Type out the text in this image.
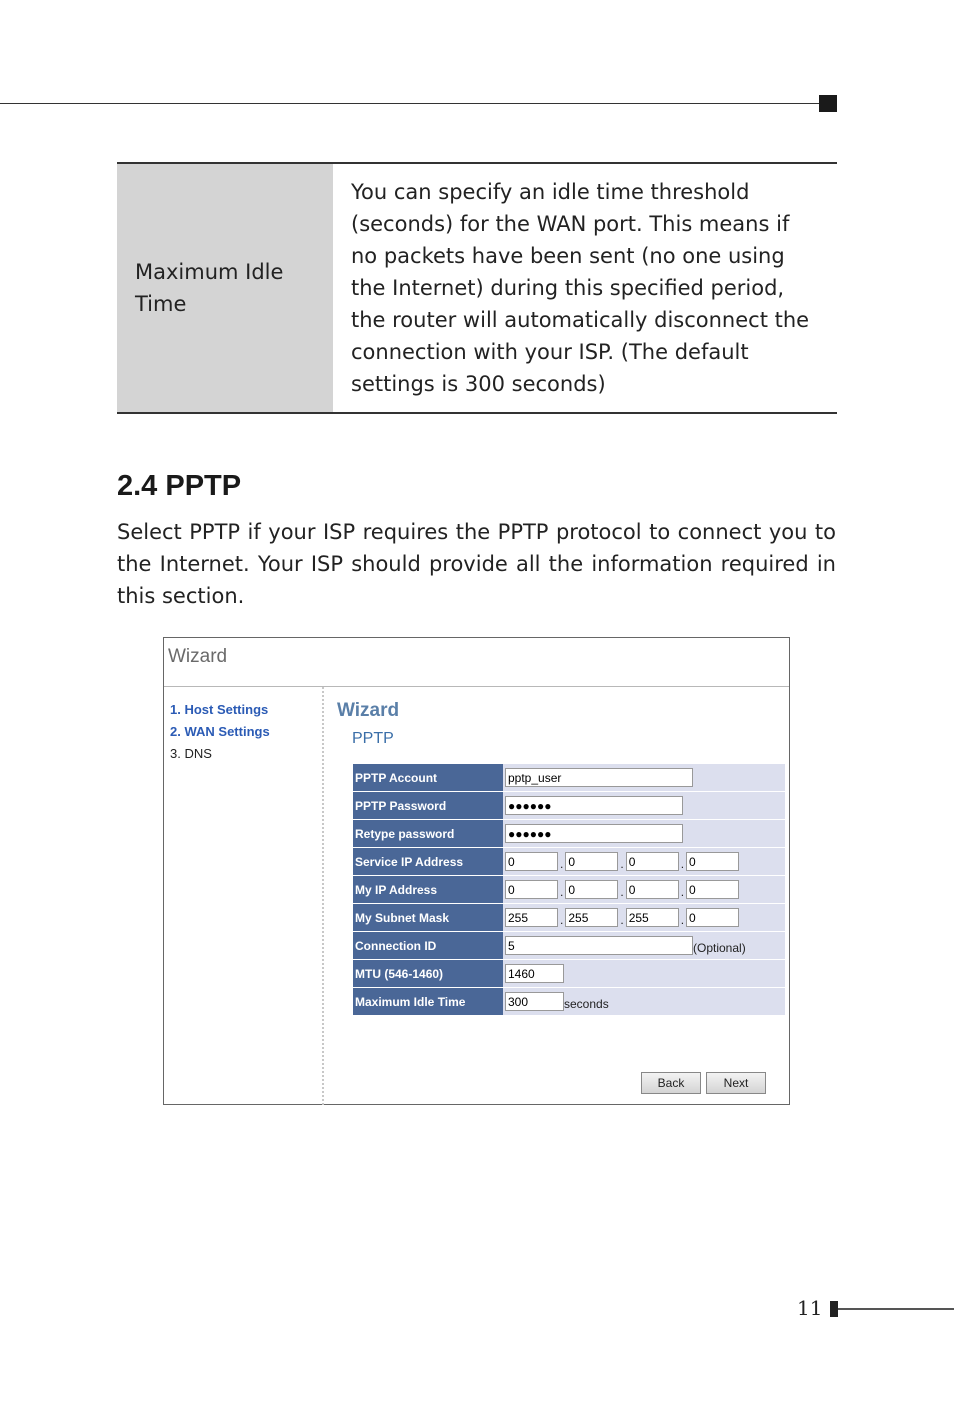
Maximum Idle Time	You can specify an idle time threshold (seconds) for the WAN port. This means if no packets have been sent (no one using the Internet) during this specified period, the router will automatically disconnect the connection with your ISP. (The default settings is 300 seconds)
2.4 PPTP

Select PPTP if your ISP requires the PPTP protocol to connect you to the Internet. Your ISP should provide all the information required in this section.

Wizard
1. Host Settings
2. WAN Settings
3. DNS
Wizard
PPTP
PPTP Account	pptp_user
PPTP Password	●●●●●●
Retype password	●●●●●●
Service IP Address	0.0 .0 .0
My IP Address	0.0 .0 .0
My Subnet Mask	255.255 .255 .0
Connection ID	5(Optional)
MTU (546-1460)	1460
Maximum Idle Time	300seconds
Back	Next
11
